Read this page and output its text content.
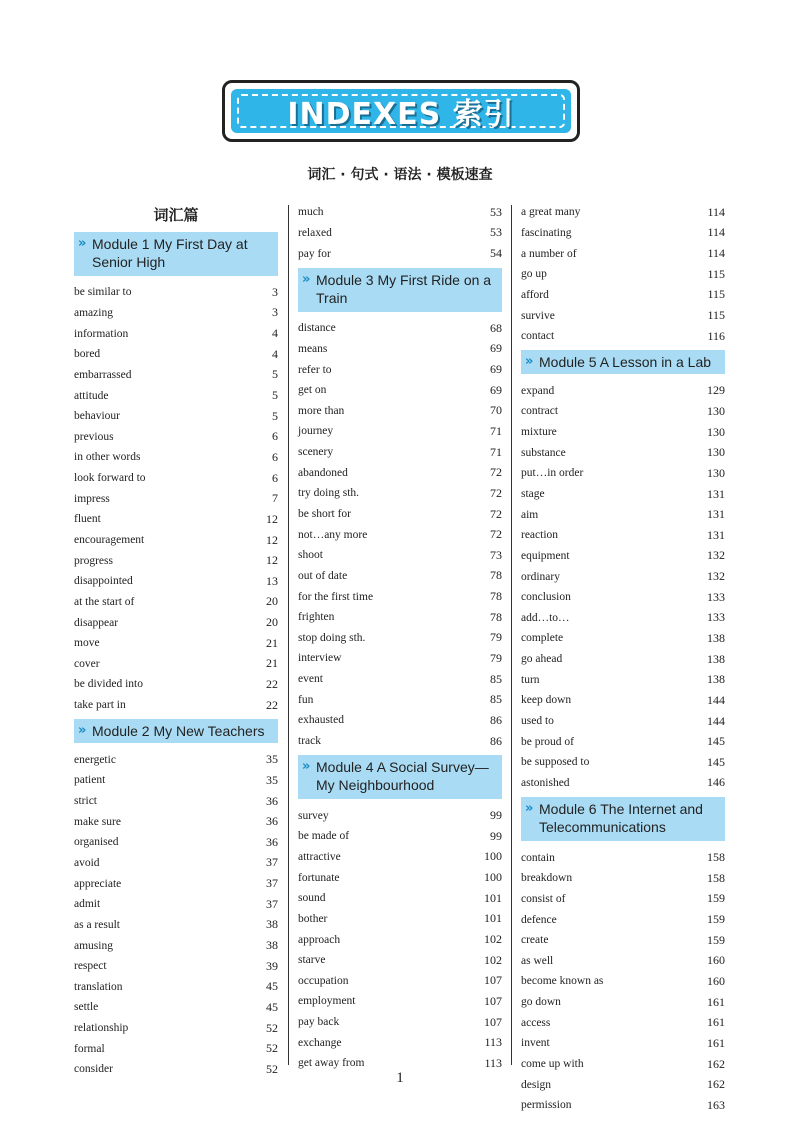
INDEXES 索引
词汇 · 句式 · 语法 · 模板速查
词汇篇
» Module 1 My First Day at Senior High
be similar to	3
amazing	3
information	4
bored	4
embarrassed	5
attitude	5
behaviour	5
previous	6
in other words	6
look forward to	6
impress	7
fluent	12
encouragement	12
progress	12
disappointed	13
at the start of	20
disappear	20
move	21
cover	21
be divided into	22
take part in	22
» Module 2 My New Teachers
energetic	35
patient	35
strict	36
make sure	36
organised	36
avoid	37
appreciate	37
admit	37
as a result	38
amusing	38
respect	39
translation	45
settle	45
relationship	52
formal	52
consider	52
much	53
relaxed	53
pay for	54
» Module 3 My First Ride on a Train
distance	68
means	69
refer to	69
get on	69
more than	70
journey	71
scenery	71
abandoned	72
try doing sth.	72
be short for	72
not…any more	72
shoot	73
out of date	78
for the first time	78
frighten	78
stop doing sth.	79
interview	79
event	85
fun	85
exhausted	86
track	86
» Module 4 A Social Survey—My Neighbourhood
survey	99
be made of	99
attractive	100
fortunate	100
sound	101
bother	101
approach	102
starve	102
occupation	107
employment	107
pay back	107
exchange	113
get away from	113
a great many	114
fascinating	114
a number of	114
go up	115
afford	115
survive	115
contact	116
» Module 5 A Lesson in a Lab
expand	129
contract	130
mixture	130
substance	130
put…in order	130
stage	131
aim	131
reaction	131
equipment	132
ordinary	132
conclusion	133
add…to…	133
complete	138
go ahead	138
turn	138
keep down	144
used to	144
be proud of	145
be supposed to	145
astonished	146
» Module 6 The Internet and Telecommunications
contain	158
breakdown	158
consist of	159
defence	159
create	159
as well	160
become known as	160
go down	161
access	161
invent	161
come up with	162
design	162
permission	163
1
